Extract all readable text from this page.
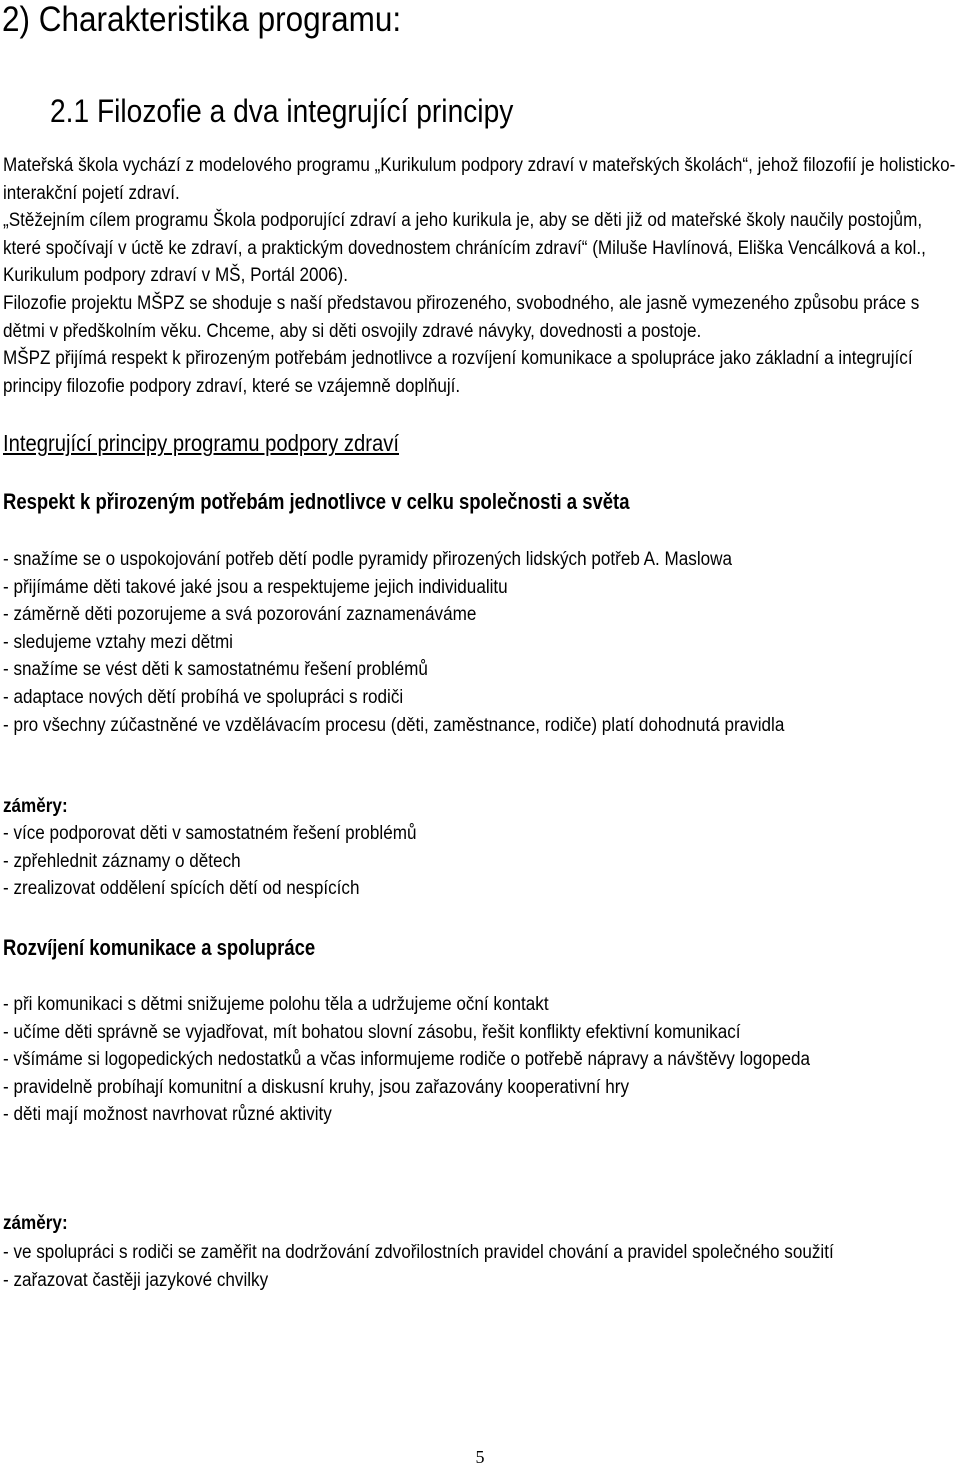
2) Charakteristika programu:
2.1 Filozofie a dva integrující principy

Mateřská škola vychází z modelového programu „Kurikulum podpory zdraví v mateřských školách“, jehož filozofií je holisticko-interakční pojetí zdraví.

„Stěžejním cílem programu Škola podporující zdraví a jeho kurikula je, aby se děti již od mateřské školy naučily postojům, které spočívají v úctě ke zdraví, a praktickým dovednostem chránícím zdraví“ (Miluše Havlínová, Eliška Vencálková a kol., Kurikulum podpory zdraví v MŠ, Portál 2006).

Filozofie projektu MŠPZ se shoduje s naší představou přirozeného, svobodného, ale jasně vymezeného způsobu práce s dětmi v předškolním věku. Chceme, aby si děti osvojily zdravé návyky, dovednosti a postoje.

MŠPZ přijímá respekt k přirozeným potřebám jednotlivce a rozvíjení komunikace a spolupráce jako základní a integrující principy filozofie podpory zdraví, které se vzájemně doplňují.

Integrující principy programu podpory zdraví
Respekt k přirozeným potřebám jednotlivce v celku společnosti a světa
- snažíme se o uspokojování potřeb dětí podle pyramidy přirozených lidských potřeb A. Maslowa
- přijímáme děti takové jaké jsou a respektujeme jejich individualitu
- záměrně děti pozorujeme a svá pozorování zaznamenáváme
- sledujeme vztahy mezi dětmi
- snažíme se vést děti k samostatnému řešení problémů
- adaptace nových dětí probíhá ve spolupráci s rodiči
- pro všechny zúčastněné ve vzdělávacím procesu (děti, zaměstnance, rodiče) platí dohodnutá pravidla
záměry:
- více podporovat děti v samostatném řešení problémů
- zpřehlednit záznamy o dětech
- zrealizovat oddělení spících dětí od nespících
Rozvíjení komunikace a spolupráce
- při komunikaci s dětmi snižujeme polohu těla a udržujeme oční kontakt
- učíme děti správně se vyjadřovat, mít bohatou slovní zásobu, řešit konflikty efektivní komunikací
- všímáme si logopedických nedostatků a včas informujeme rodiče o potřebě nápravy a návštěvy logopeda
- pravidelně probíhají komunitní a diskusní kruhy, jsou zařazovány kooperativní hry
- děti mají možnost navrhovat různé aktivity
záměry:
- ve spolupráci s rodiči se zaměřit na dodržování zdvořilostních pravidel chování a pravidel společného soužití
- zařazovat častěji jazykové chvilky
5
